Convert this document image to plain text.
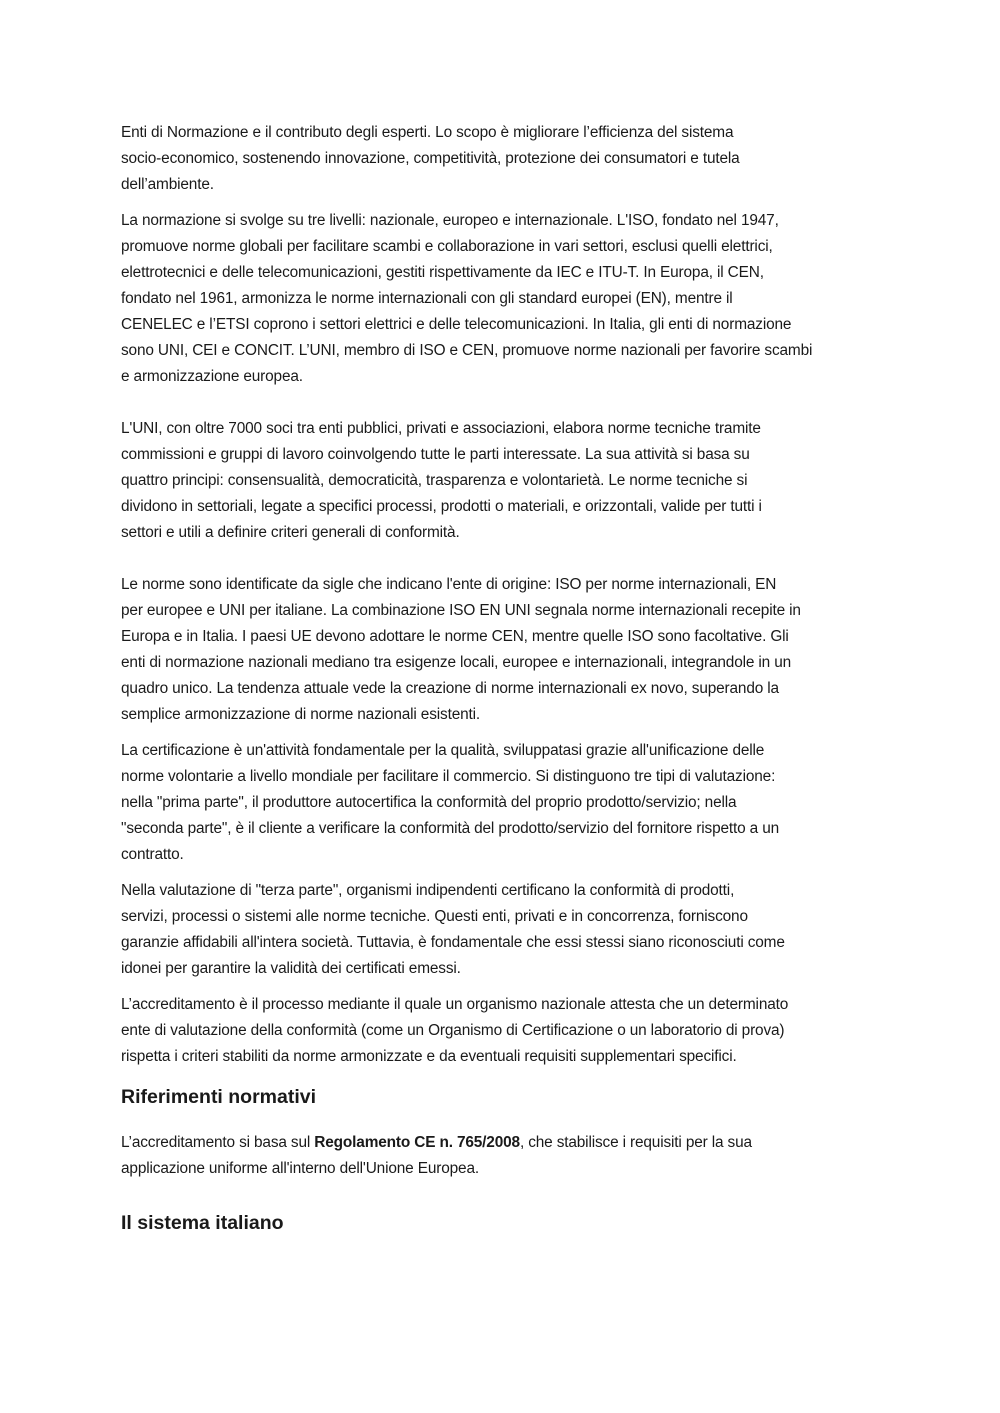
Enti di Normazione e il contributo degli esperti. Lo scopo è migliorare l’efficienza del sistema
socio-economico, sostenendo innovazione, competitività, protezione dei consumatori e tutela
dell’ambiente.

La normazione si svolge su tre livelli: nazionale, europeo e internazionale. L'ISO, fondato nel 1947,
promuove norme globali per facilitare scambi e collaborazione in vari settori, esclusi quelli elettrici,
elettrotecnici e delle telecomunicazioni, gestiti rispettivamente da IEC e ITU-T. In Europa, il CEN,
fondato nel 1961, armonizza le norme internazionali con gli standard europei (EN), mentre il
CENELEC e l’ETSI coprono i settori elettrici e delle telecomunicazioni. In Italia, gli enti di normazione
sono UNI, CEI e CONCIT. L’UNI, membro di ISO e CEN, promuove norme nazionali per favorire scambi
e armonizzazione europea.

L'UNI, con oltre 7000 soci tra enti pubblici, privati e associazioni, elabora norme tecniche tramite
commissioni e gruppi di lavoro coinvolgendo tutte le parti interessate. La sua attività si basa su
quattro principi: consensualità, democraticità, trasparenza e volontarietà. Le norme tecniche si
dividono in settoriali, legate a specifici processi, prodotti o materiali, e orizzontali, valide per tutti i
settori e utili a definire criteri generali di conformità.

Le norme sono identificate da sigle che indicano l'ente di origine: ISO per norme internazionali, EN
per europee e UNI per italiane. La combinazione ISO EN UNI segnala norme internazionali recepite in
Europa e in Italia. I paesi UE devono adottare le norme CEN, mentre quelle ISO sono facoltative. Gli
enti di normazione nazionali mediano tra esigenze locali, europee e internazionali, integrandole in un
quadro unico. La tendenza attuale vede la creazione di norme internazionali ex novo, superando la
semplice armonizzazione di norme nazionali esistenti.

La certificazione è un'attività fondamentale per la qualità, sviluppatasi grazie all'unificazione delle
norme volontarie a livello mondiale per facilitare il commercio. Si distinguono tre tipi di valutazione:
nella "prima parte", il produttore autocertifica la conformità del proprio prodotto/servizio; nella
"seconda parte", è il cliente a verificare la conformità del prodotto/servizio del fornitore rispetto a un
contratto.

Nella valutazione di "terza parte", organismi indipendenti certificano la conformità di prodotti,
servizi, processi o sistemi alle norme tecniche. Questi enti, privati e in concorrenza, forniscono
garanzie affidabili all'intera società. Tuttavia, è fondamentale che essi stessi siano riconosciuti come
idonei per garantire la validità dei certificati emessi.

L’accreditamento è il processo mediante il quale un organismo nazionale attesta che un determinato
ente di valutazione della conformità (come un Organismo di Certificazione o un laboratorio di prova)
rispetta i criteri stabiliti da norme armonizzate e da eventuali requisiti supplementari specifici.

Riferimenti normativi

L’accreditamento si basa sul Regolamento CE n. 765/2008, che stabilisce i requisiti per la sua
applicazione uniforme all'interno dell'Unione Europea.

Il sistema italiano
